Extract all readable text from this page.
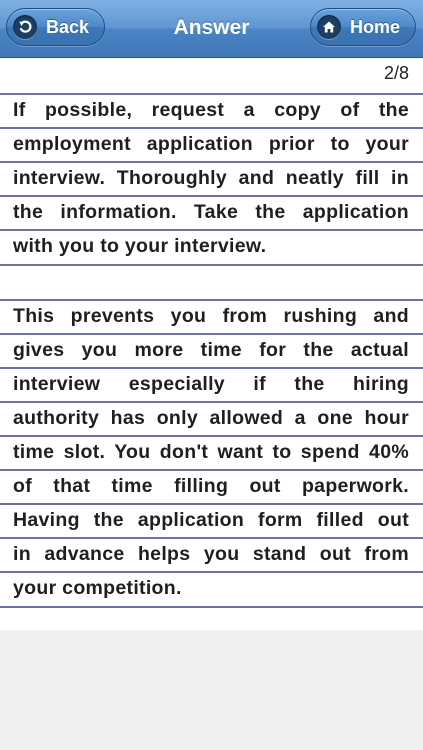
Back	Answer	Home
2/8
If possible, request a copy of the
employment application prior to your
interview. Thoroughly and neatly fill in
the information. Take the application
with you to your interview.
This prevents you from rushing and
gives you more time for the actual
interview especially if the hiring
authority has only allowed a one hour
time slot. You don't want to spend 40%
of that time filling out paperwork.
Having the application form filled out
in advance helps you stand out from
your competition.
